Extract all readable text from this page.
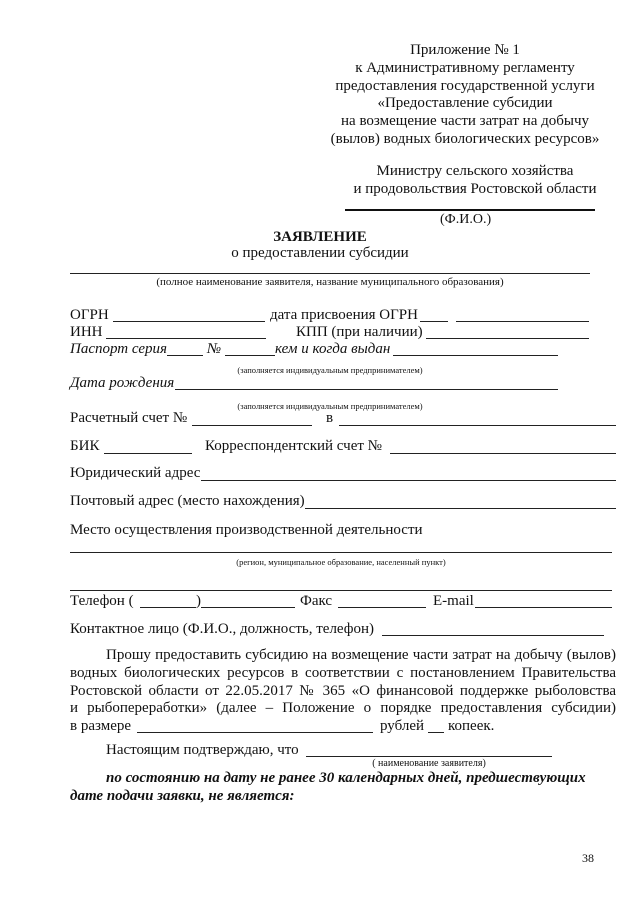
Приложение № 1
к Административному регламенту
предоставления государственной услуги
«Предоставление субсидии
на возмещение части затрат на добычу
(вылов) водных биологических ресурсов»
Министру сельского хозяйства
и продовольствия Ростовской области
(Ф.И.О.)
ЗАЯВЛЕНИЕ
о предоставлении субсидии
(полное наименование заявителя, название муниципального образования)
ОГРН	дата присвоения ОГРН
ИНН	КПП (при наличии)
Паспорт серия	№	кем и когда выдан
(заполняется индивидуальным предпринимателем)
Дата рождения
(заполняется индивидуальным предпринимателем)
Расчетный счет №	в
БИК	Корреспондентский счет №
Юридический адрес
Почтовый адрес (место нахождения)
Место осуществления производственной деятельности
(регион, муниципальное образование, населенный пункт)
Телефон (	)	Факс	E-mail
Контактное лицо (Ф.И.О., должность, телефон)
Прошу предоставить субсидию на возмещение части затрат на добычу (вылов)
водных биологических ресурсов в соответствии с постановлением Правительства
Ростовской области от 22.05.2017 № 365 «О финансовой поддержке рыболовства
и рыбопереработки» (далее – Положение о порядке предоставления субсидии)
в размере	рублей копеек.
Настоящим подтверждаю, что
( наименование заявителя)
по состоянию на дату не ранее 30 календарных дней, предшествующих
дате подачи заявки, не является:
38
